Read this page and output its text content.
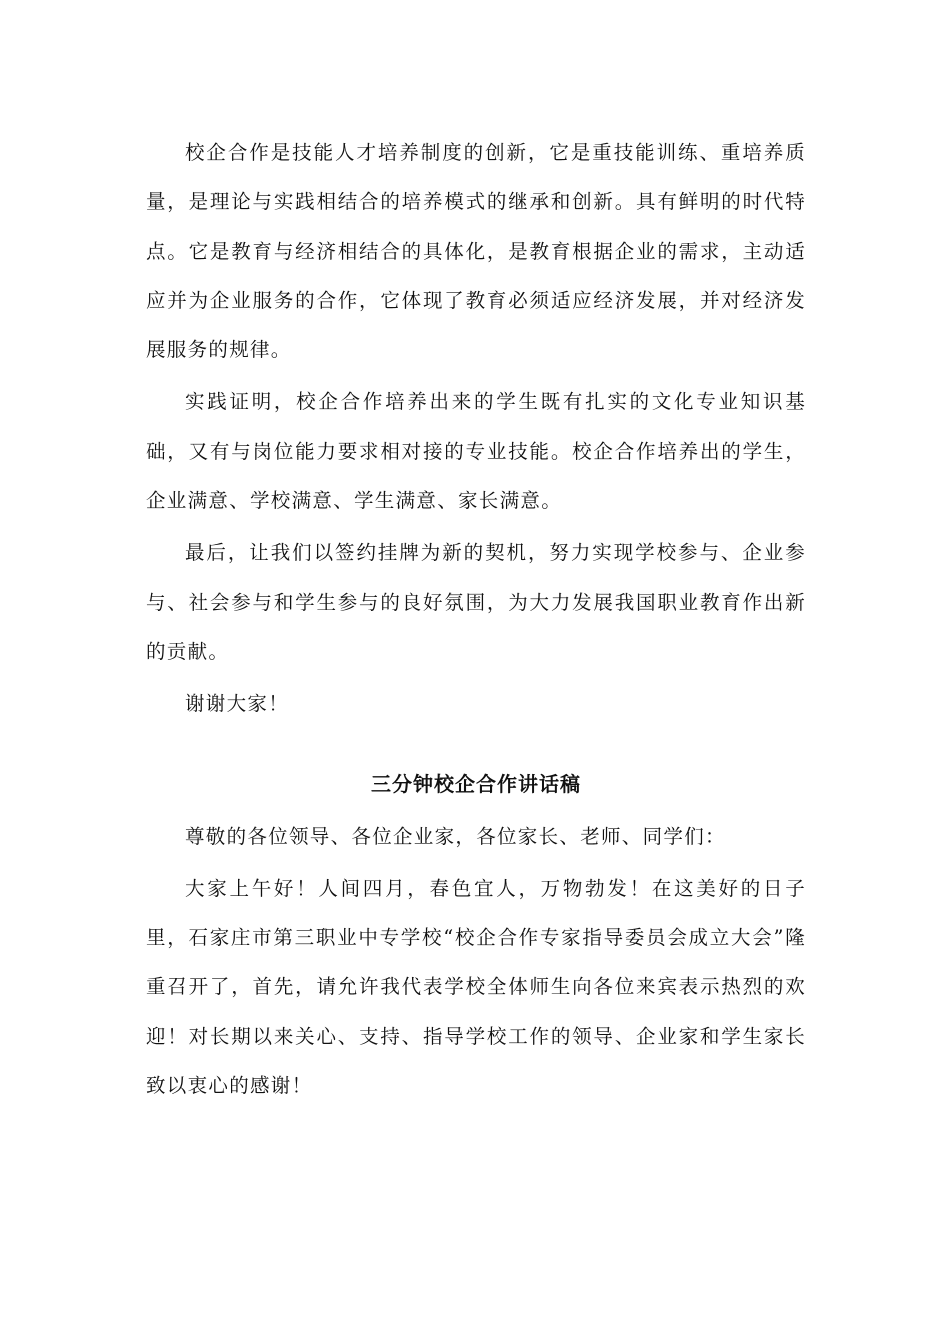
校企合作是技能人才培养制度的创新，它是重技能训练、重培养质量，是理论与实践相结合的培养模式的继承和创新。具有鲜明的时代特点。它是教育与经济相结合的具体化，是教育根据企业的需求，主动适应并为企业服务的合作，它体现了教育必须适应经济发展，并对经济发展服务的规律。

实践证明，校企合作培养出来的学生既有扎实的文化专业知识基础，又有与岗位能力要求相对接的专业技能。校企合作培养出的学生，企业满意、学校满意、学生满意、家长满意。

最后，让我们以签约挂牌为新的契机，努力实现学校参与、企业参与、社会参与和学生参与的良好氛围，为大力发展我国职业教育作出新的贡献。

谢谢大家！

三分钟校企合作讲话稿

尊敬的各位领导、各位企业家，各位家长、老师、同学们：

大家上午好！人间四月，春色宜人，万物勃发！在这美好的日子里，石家庄市第三职业中专学校“校企合作专家指导委员会成立大会”隆重召开了，首先，请允许我代表学校全体师生向各位来宾表示热烈的欢迎！对长期以来关心、支持、指导学校工作的领导、企业家和学生家长致以衷心的感谢！
